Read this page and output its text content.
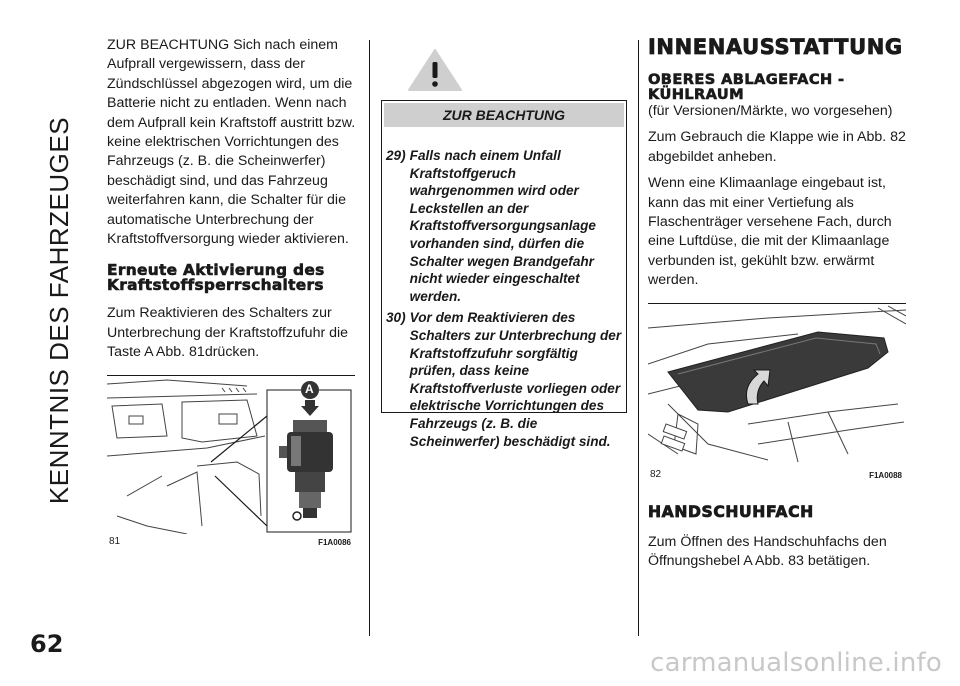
KENNTNIS DES FAHRZEUGES

ZUR BEACHTUNG Sich nach einem Aufprall vergewissern, dass der Zündschlüssel abgezogen wird, um die Batterie nicht zu entladen. Wenn nach dem Aufprall kein Kraftstoff austritt bzw. keine elektrischen Vorrichtungen des Fahrzeugs (z. B. die Scheinwerfer) beschädigt sind, und das Fahrzeug weiterfahren kann, die Schalter für die automatische Unterbrechung der Kraftstoffversorgung wieder aktivieren.

Erneute Aktivierung des Kraftstoffsperrschalters

Zum Reaktivieren des Schalters zur Unterbrechung der Kraftstoffzufuhr die Taste A Abb. 81drücken.

A
81	F1A0086
ZUR BEACHTUNG
29) Falls nach einem Unfall Kraftstoffgeruch wahrgenommen wird oder Leckstellen an der Kraftstoffversorgungsanlage vorhanden sind, dürfen die Schalter wegen Brandgefahr nicht wieder eingeschaltet werden.
30) Vor dem Reaktivieren des Schalters zur Unterbrechung der Kraftstoffzufuhr sorgfältig prüfen, dass keine Kraftstoffverluste vorliegen oder elektrische Vorrichtungen des Fahrzeugs (z. B. die Scheinwerfer) beschädigt sind.
INNENAUSSTATTUNG
OBERES ABLAGEFACH - KÜHLRAUM

(für Versionen/Märkte, wo vorgesehen)

Zum Gebrauch die Klappe wie in Abb. 82 abgebildet anheben.

Wenn eine Klimaanlage eingebaut ist, kann das mit einer Vertiefung als Flaschenträger versehene Fach, durch eine Luftdüse, die mit der Klimaanlage verbunden ist, gekühlt bzw. erwärmt werden.

82	F1A0088
HANDSCHUHFACH

Zum Öffnen des Handschuhfachs den Öffnungshebel A Abb. 83 betätigen.

62
carmanualsonline.info
